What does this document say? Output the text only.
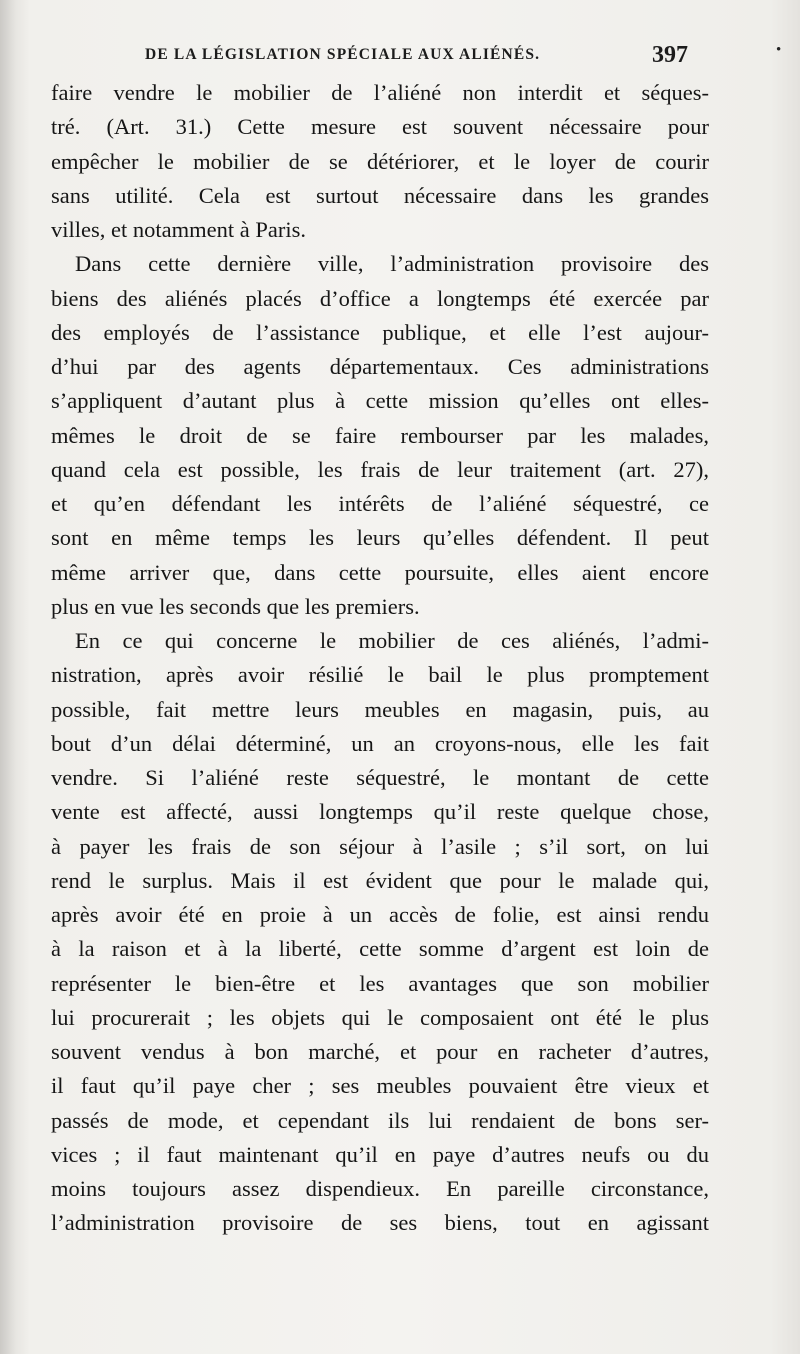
DE LA LÉGISLATION SPÉCIALE AUX ALIÉNÉS.	397	•
faire vendre le mobilier de l’aliéné non interdit et séques-
tré. (Art. 31.) Cette mesure est souvent nécessaire pour
empêcher le mobilier de se détériorer, et le loyer de courir
sans utilité. Cela est surtout nécessaire dans les grandes
villes, et notamment à Paris.
Dans cette dernière ville, l’administration provisoire des
biens des aliénés placés d’office a longtemps été exercée par
des employés de l’assistance publique, et elle l’est aujour-
d’hui par des agents départementaux. Ces administrations
s’appliquent d’autant plus à cette mission qu’elles ont elles-
mêmes le droit de se faire rembourser par les malades,
quand cela est possible, les frais de leur traitement (art. 27),
et qu’en défendant les intérêts de l’aliéné séquestré, ce
sont en même temps les leurs qu’elles défendent. Il peut
même arriver que, dans cette poursuite, elles aient encore
plus en vue les seconds que les premiers.
En ce qui concerne le mobilier de ces aliénés, l’admi-
nistration, après avoir résilié le bail le plus promptement
possible, fait mettre leurs meubles en magasin, puis, au
bout d’un délai déterminé, un an croyons-nous, elle les fait
vendre. Si l’aliéné reste séquestré, le montant de cette
vente est affecté, aussi longtemps qu’il reste quelque chose,
à payer les frais de son séjour à l’asile ; s’il sort, on lui
rend le surplus. Mais il est évident que pour le malade qui,
après avoir été en proie à un accès de folie, est ainsi rendu
à la raison et à la liberté, cette somme d’argent est loin de
représenter le bien-être et les avantages que son mobilier
lui procurerait ; les objets qui le composaient ont été le plus
souvent vendus à bon marché, et pour en racheter d’autres,
il faut qu’il paye cher ; ses meubles pouvaient être vieux et
passés de mode, et cependant ils lui rendaient de bons ser-
vices ; il faut maintenant qu’il en paye d’autres neufs ou du
moins toujours assez dispendieux. En pareille circonstance,
l’administration provisoire de ses biens, tout en agissant
